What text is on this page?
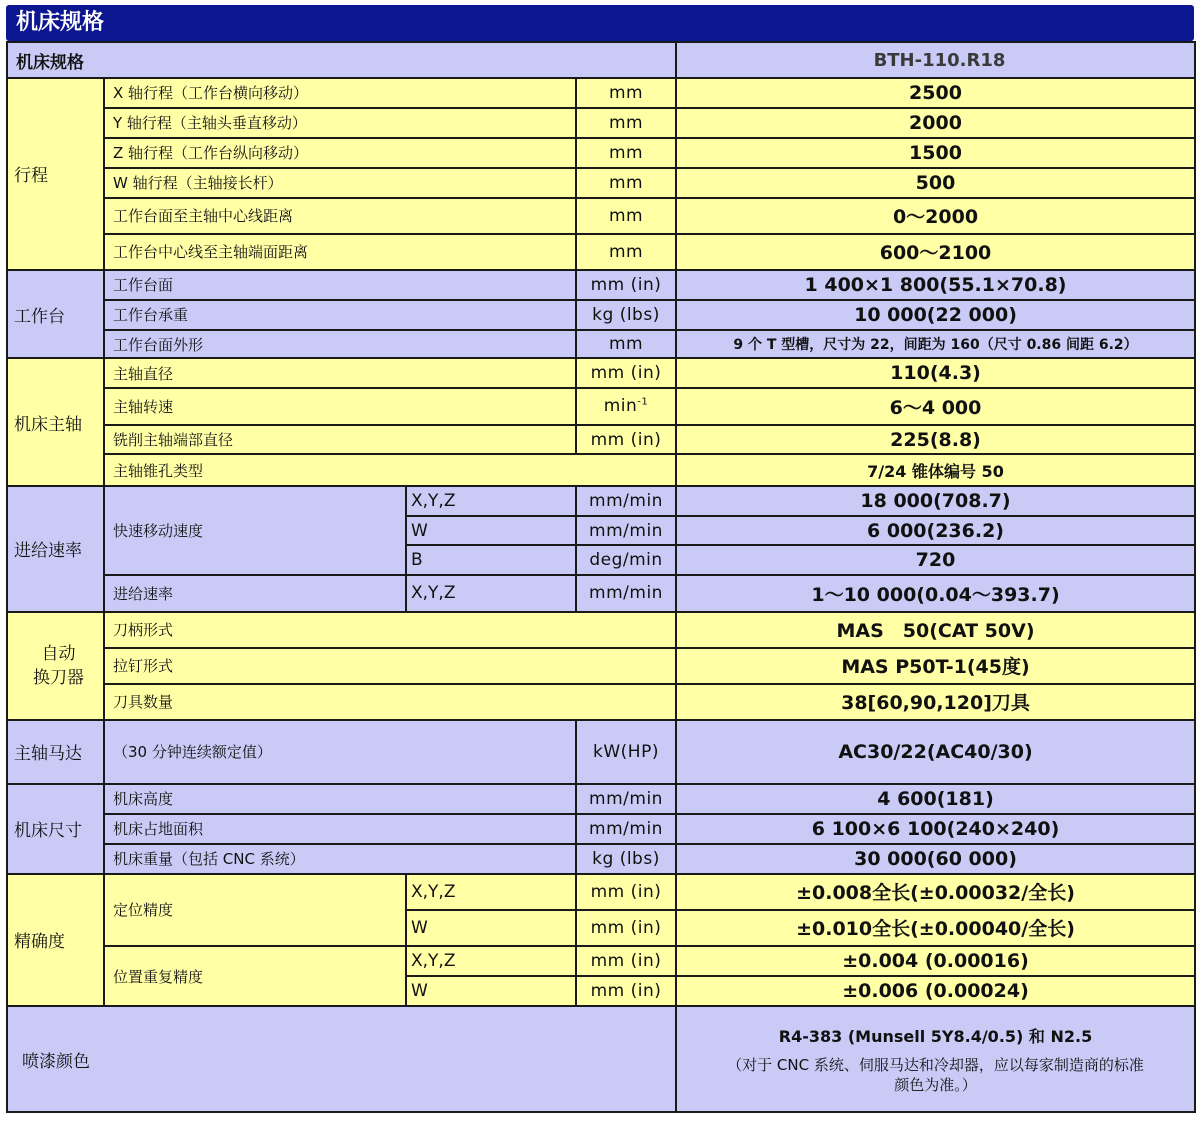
机床规格
机床规格				BTH-110.R18
行程	X 轴行程（工作台横向移动）		mm	2500
	Y 轴行程（主轴头垂直移动）		mm	2000
	Z 轴行程（工作台纵向移动）		mm	1500
	W 轴行程（主轴接长杆）		mm	500
	工作台面至主轴中心线距离		mm	0～2000
	工作台中心线至主轴端面距离		mm	600～2100
工作台	工作台面		mm (in)	1 400×1 800(55.1×70.8)
	工作台承重		kg (lbs)	10 000(22 000)
	工作台面外形		mm	9 个 T 型槽，尺寸为 22，间距为 160（尺寸 0.86 间距 6.2）
机床主轴	主轴直径		mm (in)	110(4.3)
	主轴转速		$\min^{-1}$	6～4 000
	铣削主轴端部直径		mm (in)	225(8.8)
	主轴锥孔类型			7/24 锥体编号 50
进给速率	快速移动速度	X,Y,Z	mm/min	18 000(708.7)
		W	mm/min	6 000(236.2)
		B	deg/min	720
	进给速率	X,Y,Z	mm/min	1～10 000(0.04～393.7)
自动
换刀器	刀柄形式			MAS　50(CAT 50V)
	拉钉形式			MAS P50T-1(45度)
	刀具数量			38[60,90,120]刀具
主轴马达	（30 分钟连续额定值）		kW(HP)	AC30/22(AC40/30)
机床尺寸	机床高度		mm/min	4 600(181)
	机床占地面积		mm/min	6 100×6 100(240×240)
	机床重量（包括 CNC 系统）		kg (lbs)	30 000(60 000)
精确度	定位精度	X,Y,Z	mm (in)	±0.008全长(±0.00032/全长)
		W	mm (in)	±0.010全长(±0.00040/全长)
	位置重复精度	X,Y,Z	mm (in)	±0.004 (0.00016)
		W	mm (in)	±0.006 (0.00024)
喷漆颜色				R4-383 (Munsell 5Y8.4/0.5) 和 N2.5
（对于 CNC 系统、伺服马达和冷却器，应以每家制造商的标准颜色为准。）
